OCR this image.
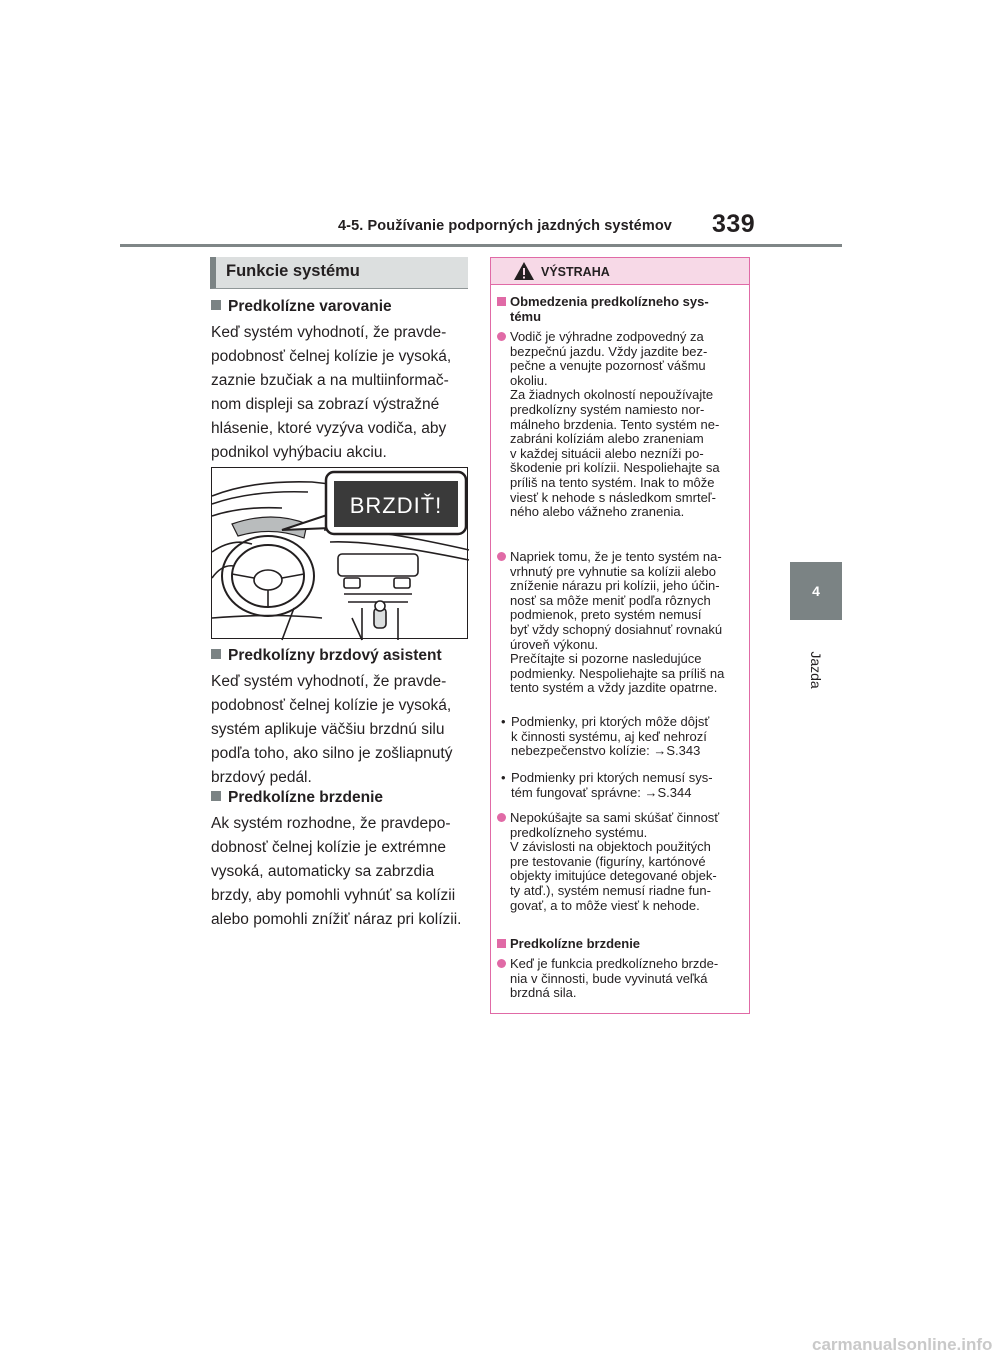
4-5. Používanie podporných jazdných systémov 339
4
Jazda
Funkcie systému
Predkolízne varovanie
Keď systém vyhodnotí, že pravde-
podobnosť čelnej kolízie je vysoká,
zaznie bzučiak a na multiinformač-
nom displeji sa zobrazí výstražné
hlásenie, ktoré vyzýva vodiča, aby
podnikol vyhýbaciu akciu.
BRZDIŤ!
Predkolízny brzdový asistent
Keď systém vyhodnotí, že pravde-
podobnosť čelnej kolízie je vysoká,
systém aplikuje väčšiu brzdnú silu
podľa toho, ako silno je zošliapnutý
brzdový pedál.
Predkolízne brzdenie
Ak systém rozhodne, že pravdepo-
dobnosť čelnej kolízie je extrémne
vysoká, automaticky sa zabrzdia
brzdy, aby pomohli vyhnúť sa kolízii
alebo pomohli znížiť náraz pri kolízii.
VÝSTRAHA
Obmedzenia predkolízneho sys-
tému
Vodič je výhradne zodpovedný za
bezpečnú jazdu. Vždy jazdite bez-
pečne a venujte pozornosť vášmu
okoliu.
Za žiadnych okolností nepoužívajte
predkolízny systém namiesto nor-
málneho brzdenia. Tento systém ne-
zabráni kolíziám alebo zraneniam
v každej situácii alebo nezníži po-
škodenie pri kolízii. Nespoliehajte sa
príliš na tento systém. Inak to môže
viesť k nehode s následkom smrteľ-
ného alebo vážneho zranenia.
Napriek tomu, že je tento systém na-
vrhnutý pre vyhnutie sa kolízii alebo
zníženie nárazu pri kolízii, jeho účin-
nosť sa môže meniť podľa rôznych
podmienok, preto systém nemusí
byť vždy schopný dosiahnuť rovnakú
úroveň výkonu.
Prečítajte si pozorne nasledujúce
podmienky. Nespoliehajte sa príliš na
tento systém a vždy jazdite opatrne.
• Podmienky, pri ktorých môže dôjsť
k činnosti systému, aj keď nehrozí
nebezpečenstvo kolízie: →S.343
• Podmienky pri ktorých nemusí sys-
tém fungovať správne: →S.344
Nepokúšajte sa sami skúšať činnosť
predkolízneho systému.
V závislosti na objektoch použitých
pre testovanie (figuríny, kartónové
objekty imitujúce detegované objek-
ty atď.), systém nemusí riadne fun-
govať, a to môže viesť k nehode.
Predkolízne brzdenie
Keď je funkcia predkolízneho brzde-
nia v činnosti, bude vyvinutá veľká
brzdná sila.
carmanualsonline.info
